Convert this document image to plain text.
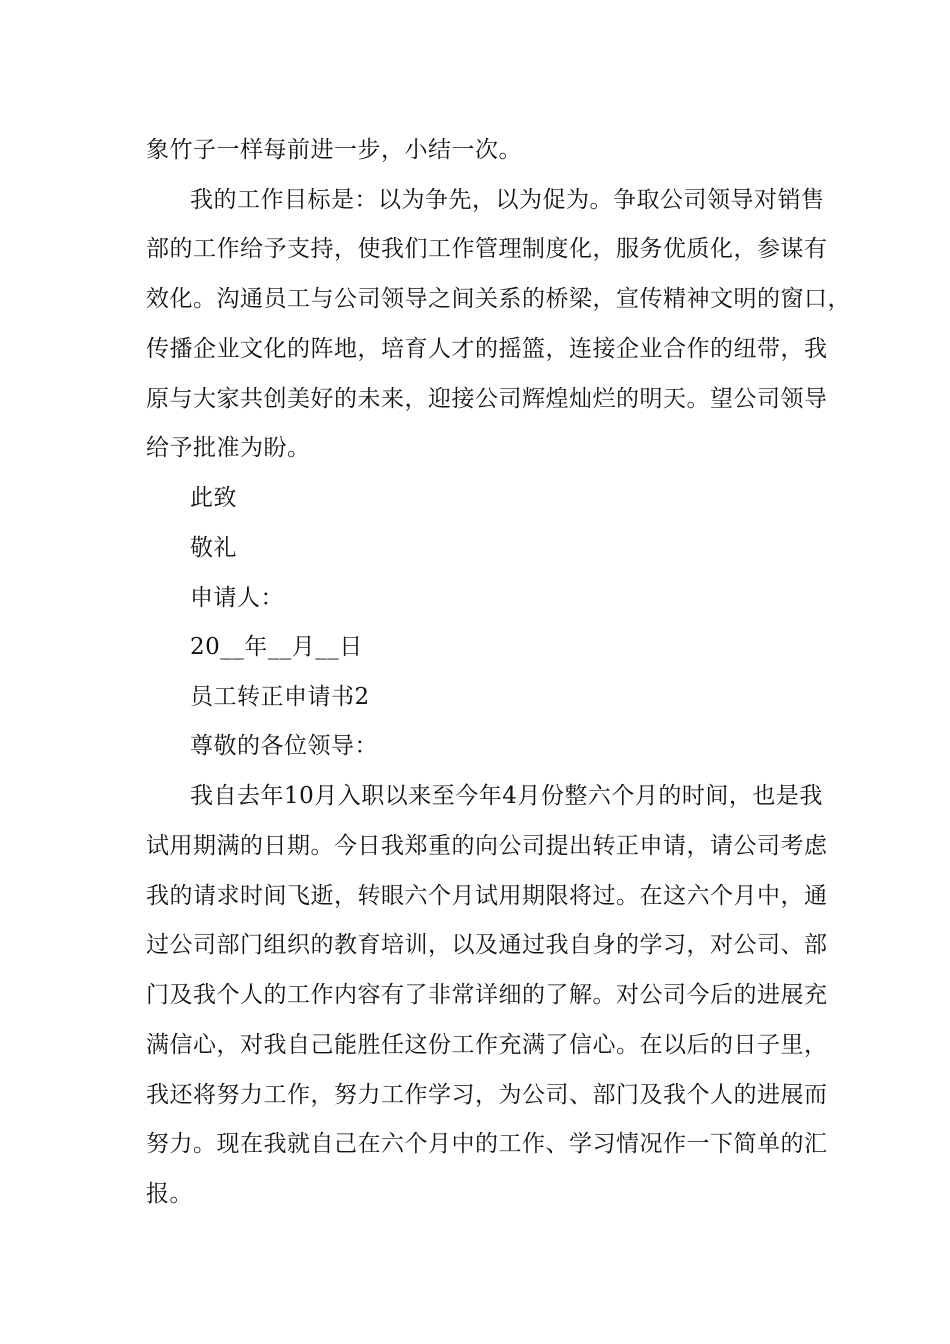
象竹子一样每前进一步，小结一次。
我的工作目标是：以为争先，以为促为。争取公司领导对销售
部的工作给予支持，使我们工作管理制度化，服务优质化，参谋有
效化。沟通员工与公司领导之间关系的桥梁，宣传精神文明的窗口，
传播企业文化的阵地，培育人才的摇篮，连接企业合作的纽带，我
原与大家共创美好的未来，迎接公司辉煌灿烂的明天。望公司领导
给予批准为盼。
此致
敬礼
申请人：
20__年__月__日
员工转正申请书2
尊敬的各位领导：
我自去年10月入职以来至今年4月份整六个月的时间，也是我
试用期满的日期。今日我郑重的向公司提出转正申请，请公司考虑
我的请求时间飞逝，转眼六个月试用期限将过。在这六个月中，通
过公司部门组织的教育培训，以及通过我自身的学习，对公司、部
门及我个人的工作内容有了非常详细的了解。对公司今后的进展充
满信心，对我自己能胜任这份工作充满了信心。在以后的日子里，
我还将努力工作，努力工作学习，为公司、部门及我个人的进展而
努力。现在我就自己在六个月中的工作、学习情况作一下简单的汇
报。
